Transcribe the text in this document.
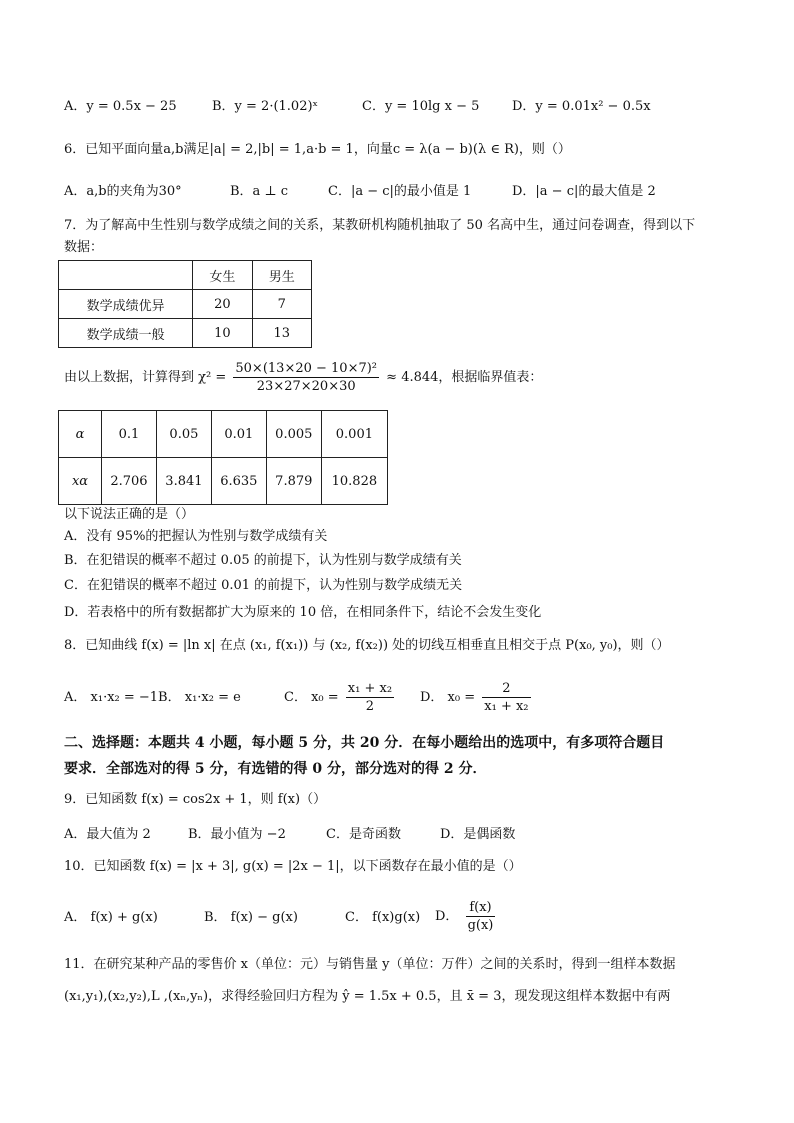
A．y = 0.5x − 25	B．y = 2·(1.02)ˣ	C．y = 10lg x − 5	D．y = 0.01x² − 0.5x
6．已知平面向量a,b满足|a| = 2,|b| = 1,a·b = 1，向量c = λ(a − b)(λ ∈ R)，则（）
A．a,b的夹角为30°	B．a ⊥ c	C．|a − c|的最小值是 1	D．|a − c|的最大值是 2
7．为了解高中生性别与数学成绩之间的关系，某教研机构随机抽取了 50 名高中生，通过问卷调查，得到以下
数据：
	女生	男生
数学成绩优异	20	7
数学成绩一般	10	13
由以上数据，计算得到 $\chi^2 = \frac{\text{50×(13×20 − 10×7)²}}{23\times 27\times 20\times 30} \approx 4.844$，根据临界值表：
α	0.1	0.05	0.01	0.005	0.001
xα	2.706	3.841	6.635	7.879	10.828
以下说法正确的是（）
A．没有 95%的把握认为性别与数学成绩有关
B．在犯错误的概率不超过 0.05 的前提下，认为性别与数学成绩有关
C．在犯错误的概率不超过 0.01 的前提下，认为性别与数学成绩无关
D．若表格中的所有数据都扩大为原来的 10 倍，在相同条件下，结论不会发生变化
8．已知曲线 f(x) = |ln x| 在点 (x₁, f(x₁)) 与 (x₂, f(x₂)) 处的切线互相垂直且相交于点 P(x₀, y₀)，则（）
A． x₁·x₂ = −1B． x₁·x₂ = e	C． $x_0 = \frac{\text{x₁ + x₂}}{2}$ D． $x_0 = \frac{2}{\text{x₁ + x₂}}$
二、选择题：本题共 4 小题，每小题 5 分，共 20 分．在每小题给出的选项中，有多项符合题目
要求．全部选对的得 5 分，有选错的得 0 分，部分选对的得 2 分．
9．已知函数 f(x) = cos2x + 1，则 f(x)（）
A．最大值为 2	B．最小值为 −2	C．是奇函数	D．是偶函数
10．已知函数 f(x) = |x + 3|, g(x) = |2x − 1|，以下函数存在最小值的是（）
A． f(x) + g(x)	B． f(x) − g(x)	C． f(x)g(x) D． $\frac{f(x)}{g(x)}$
11．在研究某种产品的零售价 x（单位：元）与销售量 y（单位：万件）之间的关系时，得到一组样本数据
(x₁,y₁),(x₂,y₂),L ,(xₙ,yₙ)，求得经验回归方程为 ŷ = 1.5x + 0.5，且 x̄ = 3，现发现这组样本数据中有两
